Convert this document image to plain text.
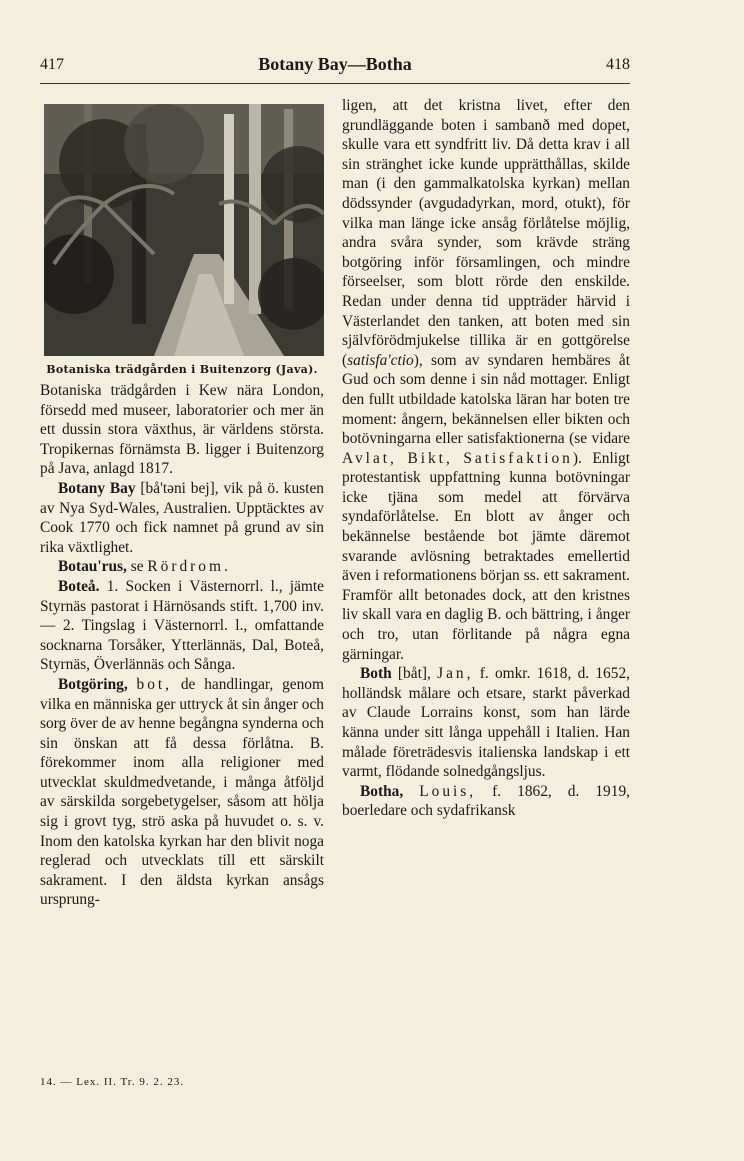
417	Botany Bay—Botha	418
Botaniska trädgården i Buitenzorg (Java).

Botaniska trädgården i Kew nära London, försedd med museer, laboratorier och mer än ett dussin stora växthus, är världens största. Tropikernas förnämsta B. ligger i Buitenzorg på Java, anlagd 1817.

Botany Bay [bå'təni bej], vik på ö. kusten av Nya Syd-Wales, Australien. Upptäcktes av Cook 1770 och fick namnet på grund av sin rika växtlighet.

Botau'rus, se Rördrom.

Boteå. 1. Socken i Västernorrl. l., jämte Styrnäs pastorat i Härnösands stift. 1,700 inv. — 2. Tingslag i Västernorrl. l., omfattande socknarna Torsåker, Ytterlännäs, Dal, Boteå, Styrnäs, Överlännäs och Sånga.

Botgöring, bot, de handlingar, genom vilka en människa ger uttryck åt sin ånger och sorg över de av henne begångna synderna och sin önskan att få dessa förlåtna. B. förekommer inom alla religioner med utvecklat skuldmedvetande, i många åtföljd av särskilda sorgebetygelser, såsom att hölja sig i grovt tyg, strö aska på huvudet o. s. v. Inom den katolska kyrkan har den blivit noga reglerad och utvecklats till ett särskilt sakrament. I den äldsta kyrkan ansågs ursprung-

ligen, att det kristna livet, efter den grundläggande boten i sambanð med dopet, skulle vara ett syndfritt liv. Då detta krav i all sin stränghet icke kunde upprätthållas, skilde man (i den gammalkatolska kyrkan) mellan dödssynder (avgudadyrkan, mord, otukt), för vilka man länge icke ansåg förlåtelse möjlig, andra svåra synder, som krävde sträng botgöring inför församlingen, och mindre förseelser, som blott rörde den enskilde. Redan under denna tid uppträder härvid i Västerlandet den tanken, att boten med sin självförödmjukelse tillika är en gottgörelse (satisfa'ctio), som av syndaren hembäres åt Gud och som denne i sin nåd mottager. Enligt den fullt utbildade katolska läran har boten tre moment: ångern, bekännelsen eller bikten och botövningarna eller satisfaktionerna (se vidare Avlat, Bikt, Satisfaktion). Enligt protestantisk uppfattning kunna botövningar icke tjäna som medel att förvärva syndaförlåtelse. En blott av ånger och bekännelse bestående bot jämte däremot svarande avlösning betraktades emellertid även i reformationens början ss. ett sakrament. Framför allt betonades dock, att den kristnes liv skall vara en daglig B. och bättring, i ånger och tro, utan förlitande på några egna gärningar.

Both [båt], Jan, f. omkr. 1618, d. 1652, holländsk målare och etsare, starkt påverkad av Claude Lorrains konst, som han lärde känna under sitt långa uppehåll i Italien. Han målade företrädesvis italienska landskap i ett varmt, flödande solnedgångsljus.

Botha, Louis, f. 1862, d. 1919, boerledare och sydafrikansk

14. — Lex. II. Tr. 9. 2. 23.
